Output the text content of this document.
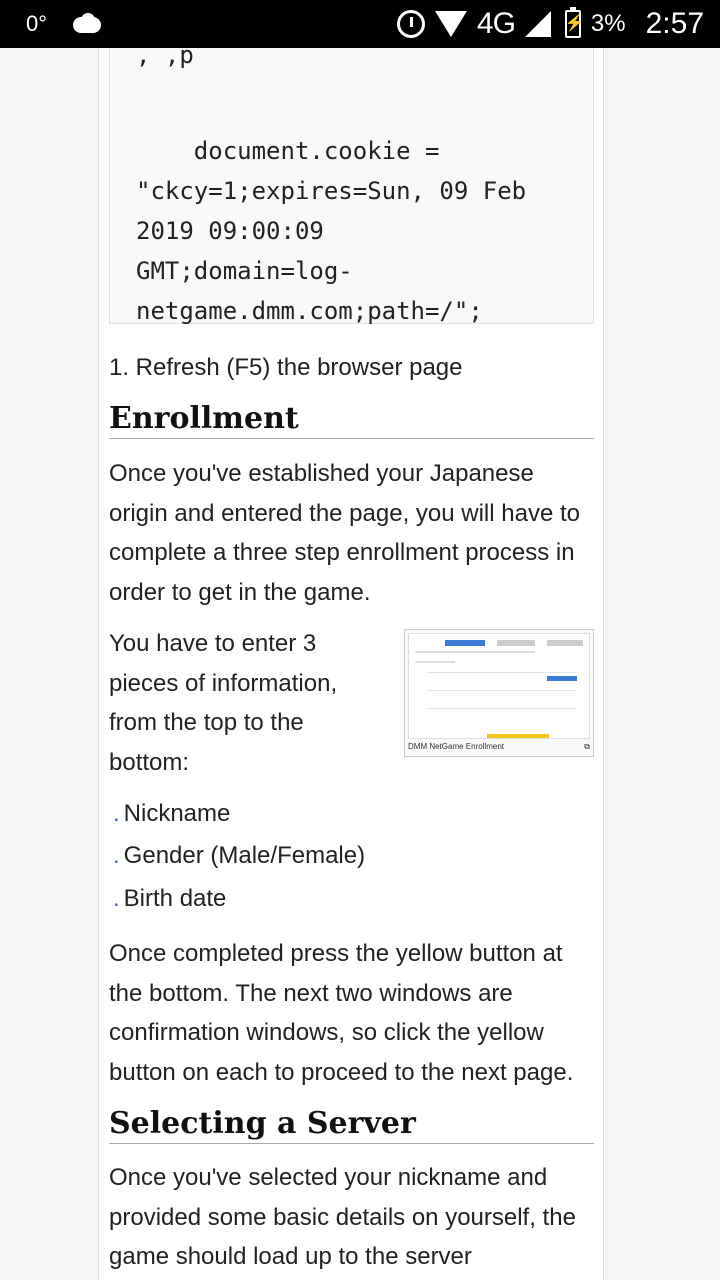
0°	4G
⚡	3% 2:57

, ,p
document.cookie =
"ckcy=1;expires=Sun, 09 Feb
2019 09:00:09
GMT;domain=log-
netgame.dmm.com;path=/";

1. Refresh (F5) the browser page

Enrollment

Once you've established your Japanese origin and entered the page, you will have to complete a three step enrollment process in order to get in the game.

You have to enter 3 pieces of information, from the top to the bottom:

DMM NetGame Enrollment	⧉
. Nickname
. Gender (Male/Female)
. Birth date

Once completed press the yellow button at the bottom. The next two windows are confirmation windows, so click the yellow button on each to proceed to the next page.

Selecting a Server

Once you've selected your nickname and provided some basic details on yourself, the game should load up to the server
